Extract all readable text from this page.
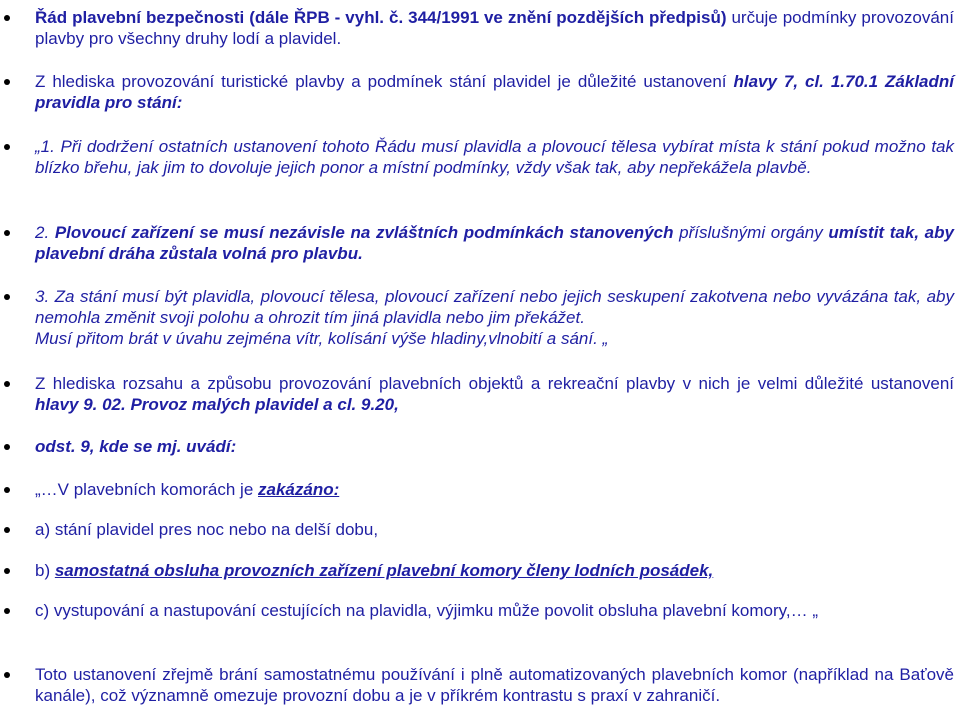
Řád plavební bezpečnosti (dále ŘPB - vyhl. č. 344/1991 ve znění pozdějších předpisů) určuje podmínky provozování plavby pro všechny druhy lodí a plavidel.
Z hlediska provozování turistické plavby a podmínek stání plavidel je důležité ustanovení hlavy 7, cl. 1.70.1 Základní pravidla pro stání:
„1. Při dodržení ostatních ustanovení tohoto Řádu musí plavidla a plovoucí tělesa vybírat místa k stání pokud možno tak blízko břehu, jak jim to dovoluje jejich ponor a místní podmínky, vždy však tak, aby nepřekážela plavbě.
2. Plovoucí zařízení se musí nezávisle na zvláštních podmínkách stanovených příslušnými orgány umístit tak, aby plavební dráha zůstala volná pro plavbu.
3. Za stání musí být plavidla, plovoucí tělesa, plovoucí zařízení nebo jejich seskupení zakotvena nebo vyvázána tak, aby nemohla změnit svoji polohu a ohrozit tím jiná plavidla nebo jim překážet.
Musí přitom brát v úvahu zejména vítr, kolísání výše hladiny,vlnobití a sání. „
Z hlediska rozsahu a způsobu provozování plavebních objektů a rekreační plavby v nich je velmi důležité ustanovení hlavy 9. 02. Provoz malých plavidel a cl. 9.20,
odst. 9, kde se mj. uvádí:
„…V plavebních komorách je zakázáno:
a) stání plavidel pres noc nebo na delší dobu,
b) samostatná obsluha provozních zařízení plavební komory členy lodních posádek,
c) vystupování a nastupování cestujících na plavidla, výjimku může povolit obsluha plavební komory,… „
Toto ustanovení zřejmě brání samostatnému používání i plně automatizovaných plavebních komor (například na Baťově kanále), což významně omezuje provozní dobu a je v příkrém kontrastu s praxí v zahraničí.
